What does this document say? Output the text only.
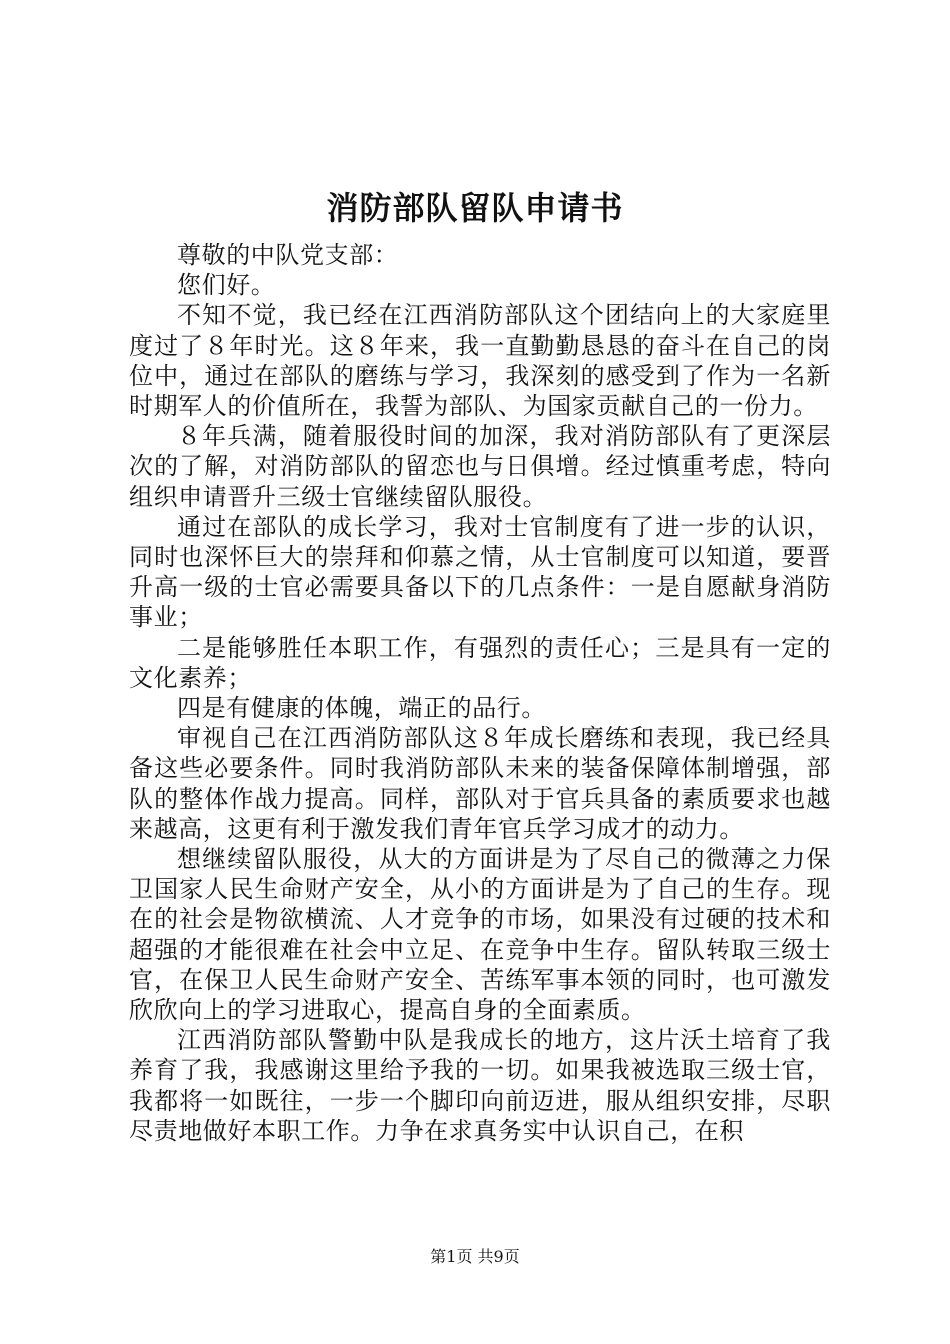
消防部队留队申请书

尊敬的中队党支部：

您们好。

不知不觉，我已经在江西消防部队这个团结向上的大家庭里度过了８年时光。这８年来，我一直勤勤恳恳的奋斗在自己的岗位中，通过在部队的磨练与学习，我深刻的感受到了作为一名新时期军人的价值所在，我誓为部队、为国家贡献自己的一份力。

８年兵满，随着服役时间的加深，我对消防部队有了更深层次的了解，对消防部队的留恋也与日俱增。经过慎重考虑，特向组织申请晋升三级士官继续留队服役。

通过在部队的成长学习，我对士官制度有了进一步的认识，同时也深怀巨大的崇拜和仰慕之情，从士官制度可以知道，要晋升高一级的士官必需要具备以下的几点条件：一是自愿献身消防事业；

二是能够胜任本职工作，有强烈的责任心；三是具有一定的文化素养；

四是有健康的体魄，端正的品行。

审视自己在江西消防部队这８年成长磨练和表现，我已经具备这些必要条件。同时我消防部队未来的装备保障体制增强，部队的整体作战力提高。同样，部队对于官兵具备的素质要求也越来越高，这更有利于激发我们青年官兵学习成才的动力。

想继续留队服役，从大的方面讲是为了尽自己的微薄之力保卫国家人民生命财产安全，从小的方面讲是为了自己的生存。现在的社会是物欲横流、人才竞争的市场，如果没有过硬的技术和超强的才能很难在社会中立足、在竞争中生存。留队转取三级士官，在保卫人民生命财产安全、苦练军事本领的同时，也可激发欣欣向上的学习进取心，提高自身的全面素质。

江西消防部队警勤中队是我成长的地方，这片沃土培育了我养育了我，我感谢这里给予我的一切。如果我被选取三级士官，我都将一如既往，一步一个脚印向前迈进，服从组织安排，尽职尽责地做好本职工作。力争在求真务实中认识自己，在积

第1页 共9页
